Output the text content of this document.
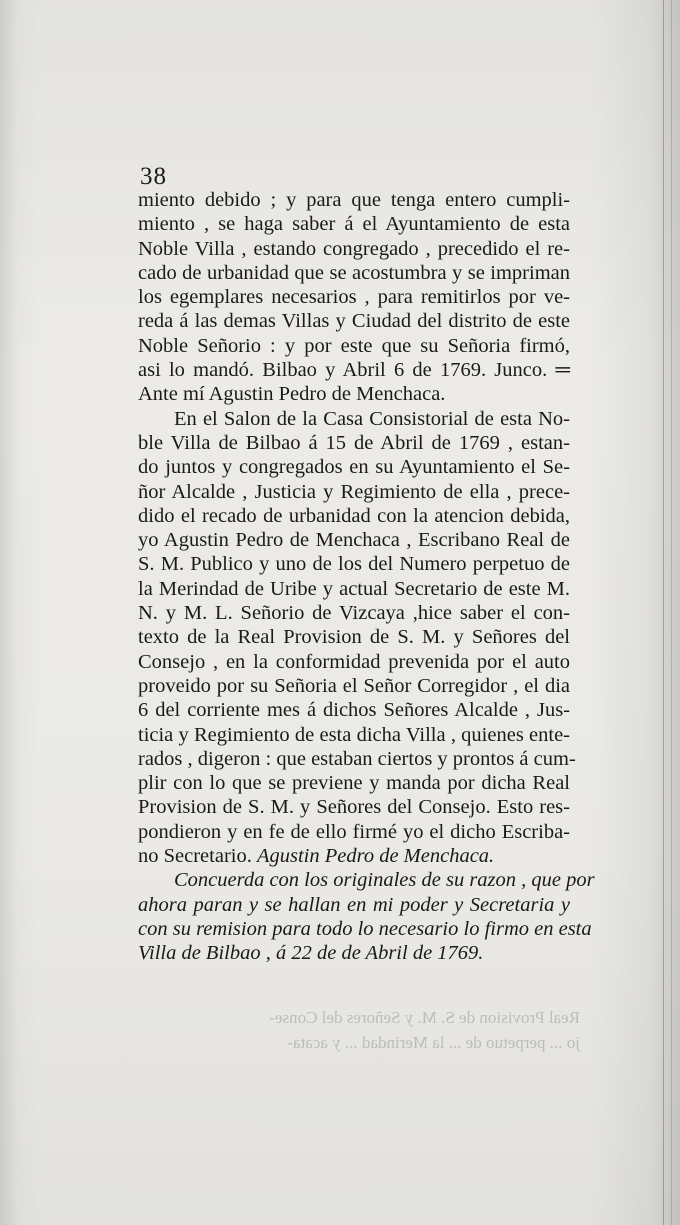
38
miento debido ; y para que tenga entero cumpli-
miento , se haga saber á el Ayuntamiento de esta
Noble Villa , estando congregado , precedido el re-
cado de urbanidad que se acostumbra y se impriman
los egemplares necesarios , para remitirlos por ve-
reda á las demas Villas y Ciudad del distrito de este
Noble Señorio : y por este que su Señoria firmó,
asi lo mandó. Bilbao y Abril 6 de 1769. Junco. ═
Ante mí Agustin Pedro de Menchaca.
En el Salon de la Casa Consistorial de esta No-
ble Villa de Bilbao á 15 de Abril de 1769 , estan-
do juntos y congregados en su Ayuntamiento el Se-
ñor Alcalde , Justicia y Regimiento de ella , prece-
dido el recado de urbanidad con la atencion debida,
yo Agustin Pedro de Menchaca , Escribano Real de
S. M. Publico y uno de los del Numero perpetuo de
la Merindad de Uribe y actual Secretario de este M.
N. y M. L. Señorio de Vizcaya ,hice saber el con-
texto de la Real Provision de S. M. y Señores del
Consejo , en la conformidad prevenida por el auto
proveido por su Señoria el Señor Corregidor , el dia
6 del corriente mes á dichos Señores Alcalde , Jus-
ticia y Regimiento de esta dicha Villa , quienes ente-
rados , digeron : que estaban ciertos y prontos á cum-
plir con lo que se previene y manda por dicha Real
Provision de S. M. y Señores del Consejo. Esto res-
pondieron y en fe de ello firmé yo el dicho Escriba-
no Secretario. Agustin Pedro de Menchaca.
Concuerda con los originales de su razon , que por
ahora paran y se hallan en mi poder y Secretaria y
con su remision para todo lo necesario lo firmo en esta
Villa de Bilbao , á 22 de de Abril de 1769.
Real Provision de S. M. y Señores del Conse-
jo ... perpetuo de ... la Merindad ... y acata-
